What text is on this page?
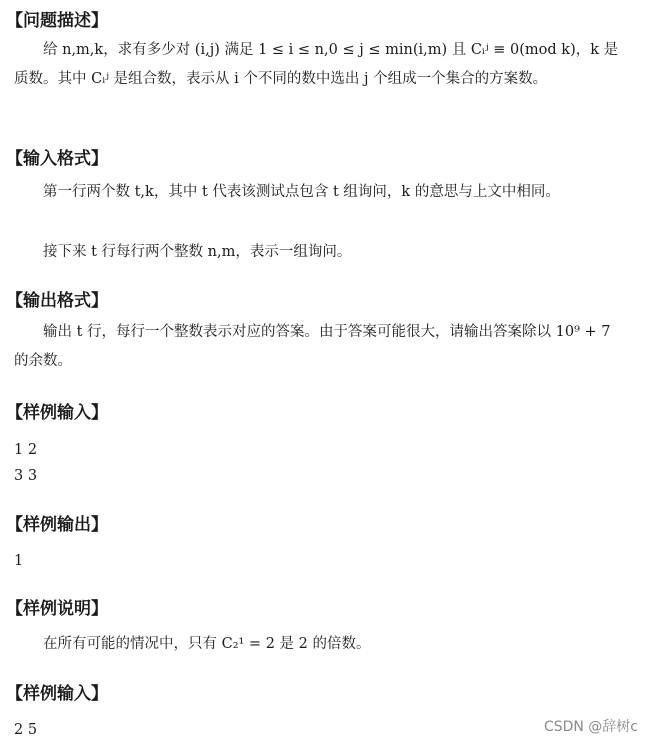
【问题描述】

给 n,m,k，求有多少对 (i,j) 满足 1 ≤ i ≤ n,0 ≤ j ≤ min(i,m) 且 Cᵢʲ ≡ 0(mod k)，k 是质数。其中 Cᵢʲ 是组合数，表示从 i 个不同的数中选出 j 个组成一个集合的方案数。

【输入格式】

第一行两个数 t,k，其中 t 代表该测试点包含 t 组询问，k 的意思与上文中相同。

接下来 t 行每行两个整数 n,m，表示一组询问。

【输出格式】

输出 t 行，每行一个整数表示对应的答案。由于答案可能很大，请输出答案除以 10⁹ + 7 的余数。

【样例输入】

1 2

3 3

【样例输出】

1

【样例说明】

在所有可能的情况中，只有 C₂¹ = 2 是 2 的倍数。

【样例输入】

2 5	CSDN @辞树c
